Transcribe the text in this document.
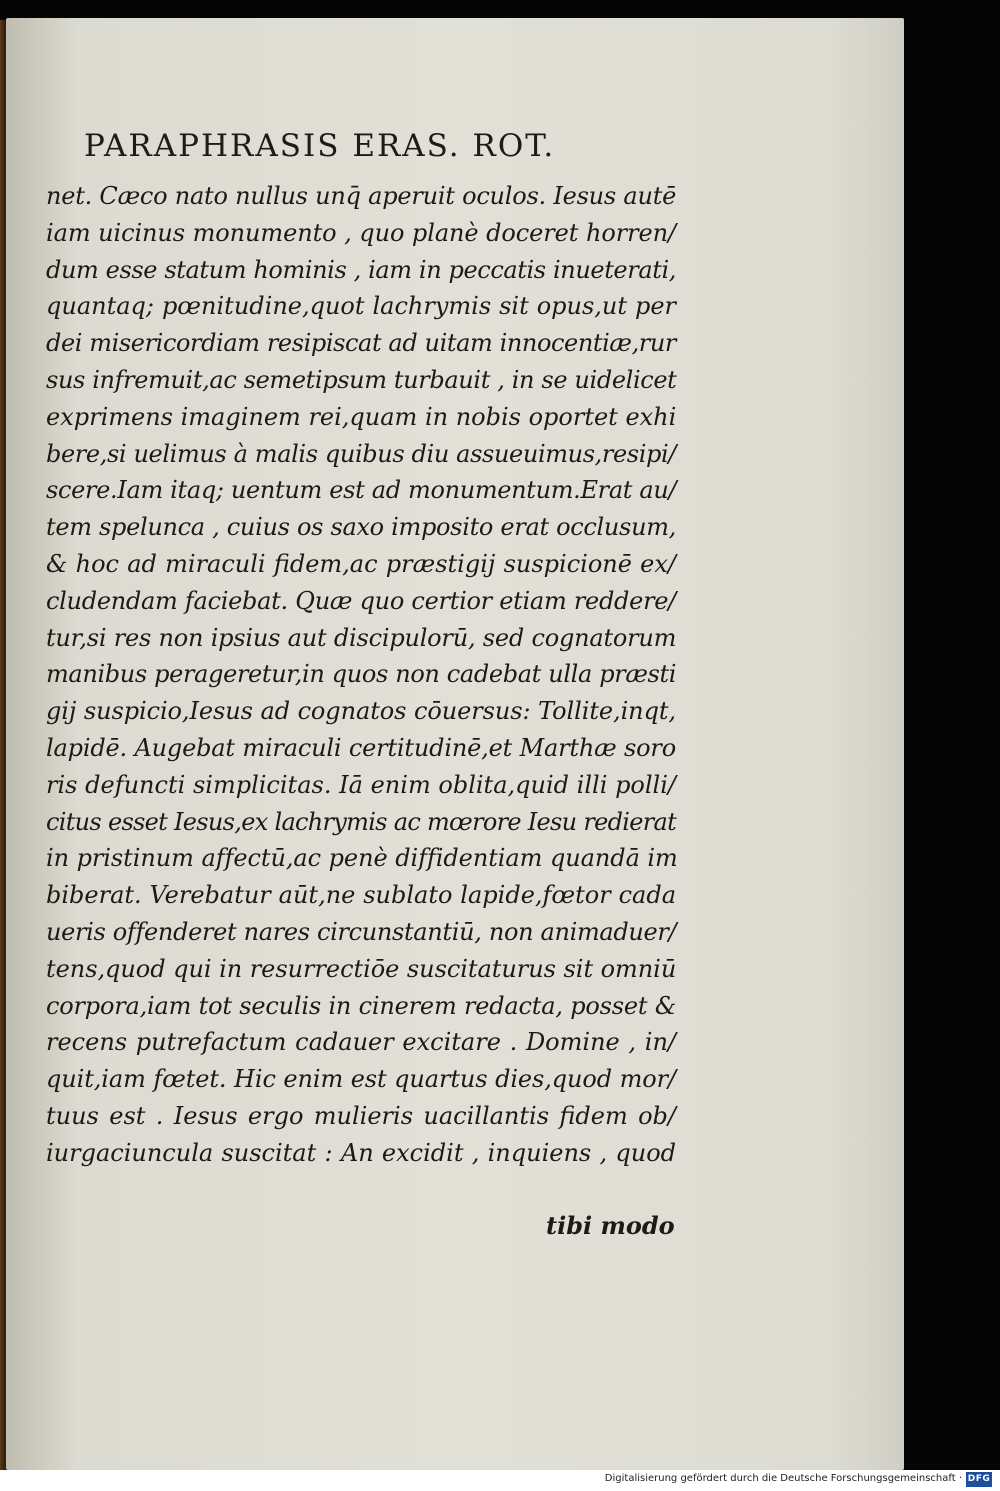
PARAPHRASIS ERAS. ROT.
net. Cæco nato nullus unq̄ aperuit oculos. Iesus autē
iam uicinus monumento , quo planè doceret horren/
dum esse statum hominis , iam in peccatis inueterati,
quantaq; pœnitudine,quot lachrymis sit opus,ut per
dei misericordiam resipiscat ad uitam innocentiæ,rur
sus infremuit,ac semetipsum turbauit , in se uidelicet
exprimens imaginem rei,quam in nobis oportet exhi
bere,si uelimus à malis quibus diu assueuimus,resipi/
scere.Iam itaq; uentum est ad monumentum.Erat au/
tem spelunca , cuius os saxo imposito erat occlusum,
& hoc ad miraculi fidem,ac præstigij suspicionē ex/
cludendam faciebat. Quæ quo certior etiam reddere/
tur,si res non ipsius aut discipulorū, sed cognatorum
manibus perageretur,in quos non cadebat ulla præsti
gij suspicio,Iesus ad cognatos cōuersus: Tollite,inqt,
lapidē. Augebat miraculi certitudinē,et Marthæ soro
ris defuncti simplicitas. Iā enim oblita,quid illi polli/
citus esset Iesus,ex lachrymis ac mœrore Iesu redierat
in pristinum affectū,ac penè diffidentiam quandā im
biberat. Verebatur aūt,ne sublato lapide,fœtor cada
ueris offenderet nares circunstantiū, non animaduer/
tens,quod qui in resurrectiōe suscitaturus sit omniū
corpora,iam tot seculis in cinerem redacta, posset &
recens putrefactum cadauer excitare . Domine , in/
quit,iam fœtet. Hic enim est quartus dies,quod mor/
tuus est . Iesus ergo mulieris uacillantis fidem ob/
iurgaciuncula suscitat : An excidit , inquiens , quod
tibi modo
Digitalisierung gefördert durch die Deutsche Forschungsgemeinschaft · DFG
